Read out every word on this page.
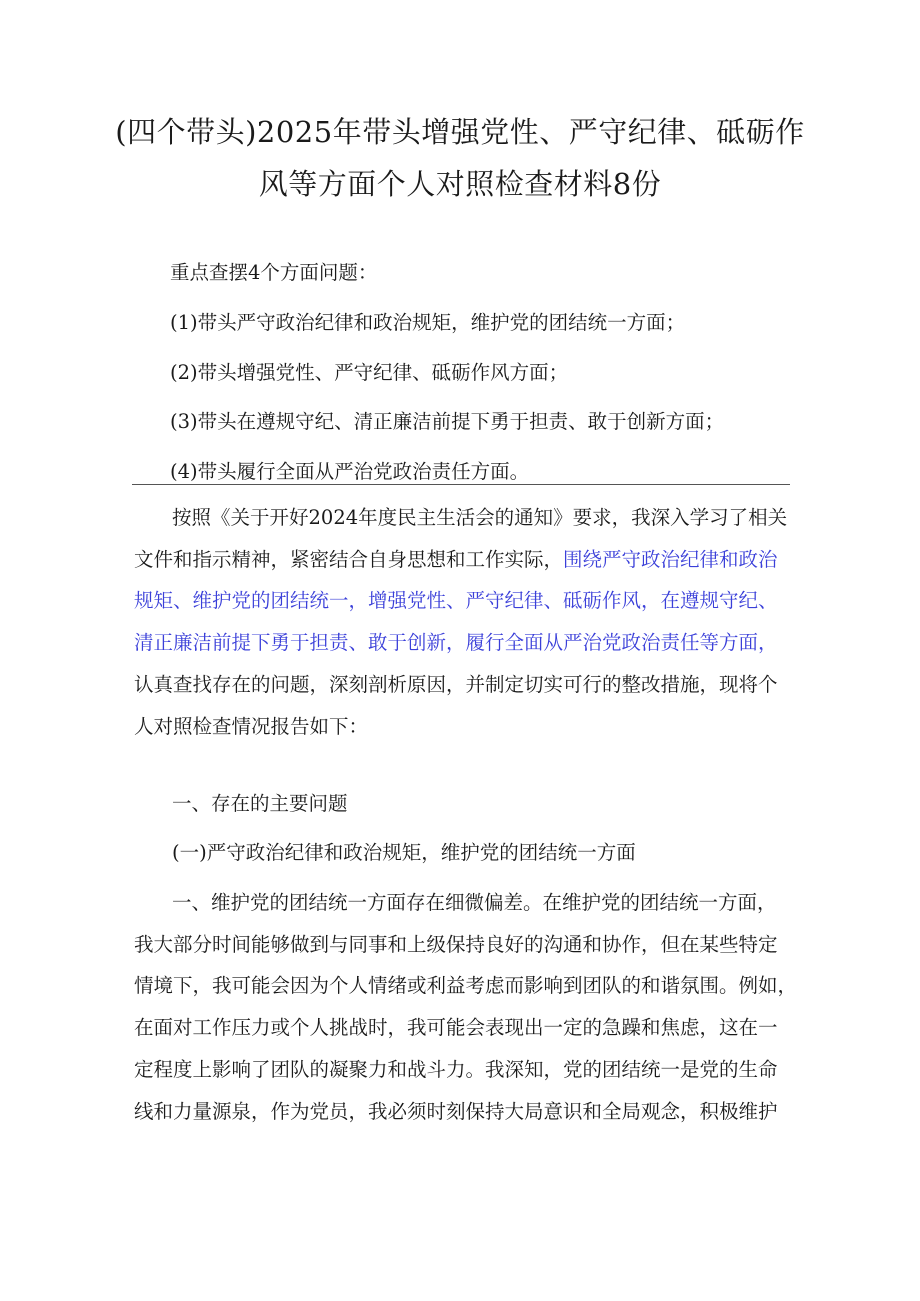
(四个带头)2025年带头增强党性、严守纪律、砥砺作
风等方面个人对照检查材料8份
重点查摆4个方面问题：
(1)带头严守政治纪律和政治规矩，维护党的团结统一方面；
(2)带头增强党性、严守纪律、砥砺作风方面；
(3)带头在遵规守纪、清正廉洁前提下勇于担责、敢于创新方面；
(4)带头履行全面从严治党政治责任方面。

按照《关于开好2024年度民主生活会的通知》要求，我深入学习了相关
文件和指示精神，紧密结合自身思想和工作实际，围绕严守政治纪律和政治
规矩、维护党的团结统一，增强党性、严守纪律、砥砺作风，在遵规守纪、
清正廉洁前提下勇于担责、敢于创新，履行全面从严治党政治责任等方面，
认真查找存在的问题，深刻剖析原因，并制定切实可行的整改措施，现将个
人对照检查情况报告如下：

一、存在的主要问题
(一)严守政治纪律和政治规矩，维护党的团结统一方面

一、维护党的团结统一方面存在细微偏差。在维护党的团结统一方面，
我大部分时间能够做到与同事和上级保持良好的沟通和协作，但在某些特定
情境下，我可能会因为个人情绪或利益考虑而影响到团队的和谐氛围。例如，
在面对工作压力或个人挑战时，我可能会表现出一定的急躁和焦虑，这在一
定程度上影响了团队的凝聚力和战斗力。我深知，党的团结统一是党的生命
线和力量源泉，作为党员，我必须时刻保持大局意识和全局观念，积极维护
